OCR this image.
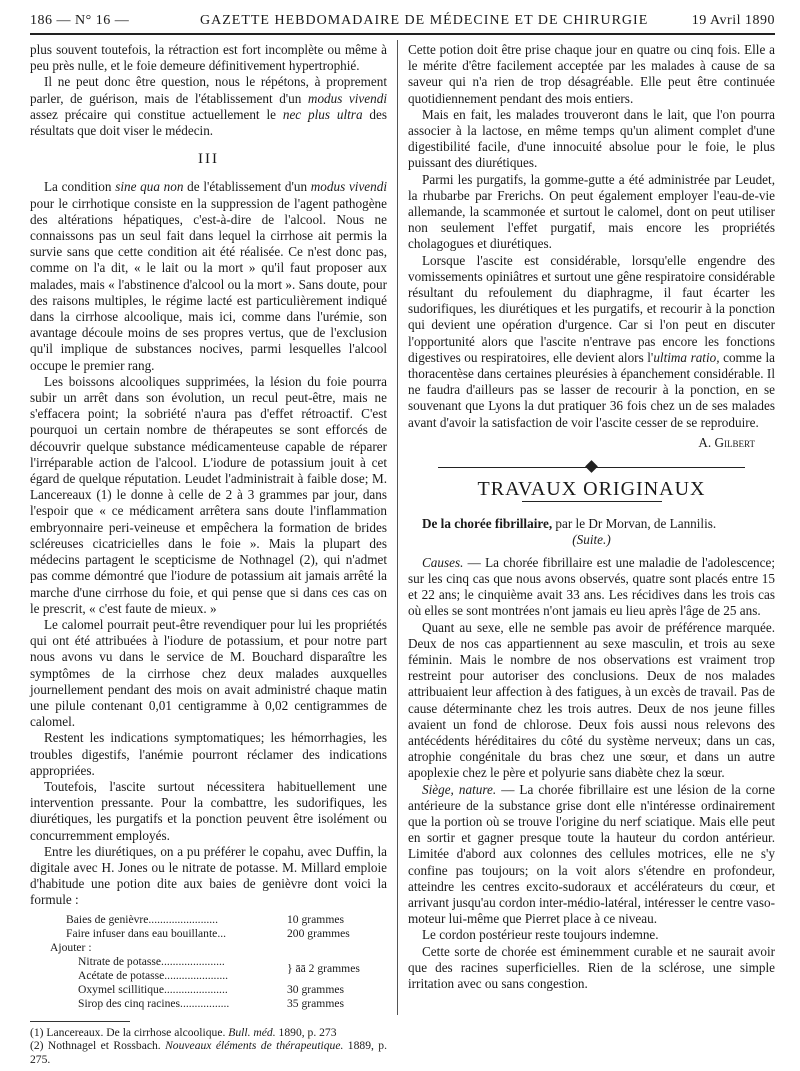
186 — N° 16 —	GAZETTE HEBDOMADAIRE DE MÉDECINE ET DE CHIRURGIE	19 Avril 1890

plus souvent toutefois, la rétraction est fort incomplète ou même à peu près nulle, et le foie demeure définitivement hypertrophié.

Il ne peut donc être question, nous le répétons, à proprement parler, de guérison, mais de l'établissement d'un modus vivendi assez précaire qui constitue actuellement le nec plus ultra des résultats que doit viser le médecin.

III

La condition sine qua non de l'établissement d'un modus vivendi pour le cirrhotique consiste en la suppression de l'agent pathogène des altérations hépatiques, c'est-à-dire de l'alcool. Nous ne connaissons pas un seul fait dans lequel la cirrhose ait permis la survie sans que cette condition ait été réalisée. Ce n'est donc pas, comme on l'a dit, « le lait ou la mort » qu'il faut proposer aux malades, mais « l'abstinence d'alcool ou la mort ». Sans doute, pour des raisons multiples, le régime lacté est particulièrement indiqué dans la cirrhose alcoolique, mais ici, comme dans l'urémie, son avantage découle moins de ses propres vertus, que de l'exclusion qu'il implique de substances nocives, parmi lesquelles l'alcool occupe le premier rang.

Les boissons alcooliques supprimées, la lésion du foie pourra subir un arrêt dans son évolution, un recul peut-être, mais ne s'effacera point; la sobriété n'aura pas d'effet rétroactif. C'est pourquoi un certain nombre de thérapeutes se sont efforcés de découvrir quelque substance médicamenteuse capable de réparer l'irréparable action de l'alcool. L'iodure de potassium jouit à cet égard de quelque réputation. Leudet l'administrait à faible dose; M. Lancereaux (1) le donne à celle de 2 à 3 grammes par jour, dans l'espoir que « ce médicament arrêtera sans doute l'inflammation embryonnaire peri-veineuse et empêchera la formation de brides scléreuses cicatricielles dans le foie ». Mais la plupart des médecins partagent le scepticisme de Nothnagel (2), qui n'admet pas comme démontré que l'iodure de potassium ait jamais arrêté la marche d'une cirrhose du foie, et qui pense que si dans ces cas on le prescrit, « c'est faute de mieux. »

Le calomel pourrait peut-être revendiquer pour lui les propriétés qui ont été attribuées à l'iodure de potassium, et pour notre part nous avons vu dans le service de M. Bouchard disparaître les symptômes de la cirrhose chez deux malades auxquelles journellement pendant des mois on avait administré chaque matin une pilule contenant 0,01 centigramme à 0,02 centigrammes de calomel.

Restent les indications symptomatiques; les hémorrhagies, les troubles digestifs, l'anémie pourront réclamer des indications appropriées.

Toutefois, l'ascite surtout nécessitera habituellement une intervention pressante. Pour la combattre, les sudorifiques, les diurétiques, les purgatifs et la ponction peuvent être isolément ou concurremment employés.

Entre les diurétiques, on a pu préférer le copahu, avec Duffin, la digitale avec H. Jones ou le nitrate de potasse. M. Millard emploie d'habitude une potion dite aux baies de genièvre dont voici la formule :

Baies de genièvre........................	10 grammes
Faire infuser dans eau bouillante...	200 grammes
Ajouter :
Nitrate de potasse......................
Acétate de potasse......................
} āā 2 grammes
Oxymel scillitique......................	30 grammes
Sirop des cinq racines.................	35 grammes

(1) Lancereaux. De la cirrhose alcoolique. Bull. méd. 1890, p. 273

(2) Nothnagel et Rossbach. Nouveaux éléments de thérapeutique. 1889, p. 275.

Cette potion doit être prise chaque jour en quatre ou cinq fois. Elle a le mérite d'être facilement acceptée par les malades à cause de sa saveur qui n'a rien de trop désagréable. Elle peut être continuée quotidiennement pendant des mois entiers.

Mais en fait, les malades trouveront dans le lait, que l'on pourra associer à la lactose, en même temps qu'un aliment complet d'une digestibilité facile, d'une innocuité absolue pour le foie, le plus puissant des diurétiques.

Parmi les purgatifs, la gomme-gutte a été administrée par Leudet, la rhubarbe par Frerichs. On peut également employer l'eau-de-vie allemande, la scammonée et surtout le calomel, dont on peut utiliser non seulement l'effet purgatif, mais encore les propriétés cholagogues et diurétiques.

Lorsque l'ascite est considérable, lorsqu'elle engendre des vomissements opiniâtres et surtout une gêne respiratoire considérable résultant du refoulement du diaphragme, il faut écarter les sudorifiques, les diurétiques et les purgatifs, et recourir à la ponction qui devient une opération d'urgence. Car si l'on peut en discuter l'opportunité alors que l'ascite n'entrave pas encore les fonctions digestives ou respiratoires, elle devient alors l'ultima ratio, comme la thoracentèse dans certaines pleurésies à épanchement considérable. Il ne faudra d'ailleurs pas se lasser de recourir à la ponction, en se souvenant que Lyons la dut pratiquer 36 fois chez un de ses malades avant d'avoir la satisfaction de voir l'ascite cesser de se reproduire.

A. Gilbert
TRAVAUX ORIGINAUX

De la chorée fibrillaire, par le Dr Morvan, de Lannilis.

(Suite.)

Causes. — La chorée fibrillaire est une maladie de l'adolescence; sur les cinq cas que nous avons observés, quatre sont placés entre 15 et 22 ans; le cinquième avait 33 ans. Les récidives dans les trois cas où elles se sont montrées n'ont jamais eu lieu après l'âge de 25 ans.

Quant au sexe, elle ne semble pas avoir de préférence marquée. Deux de nos cas appartiennent au sexe masculin, et trois au sexe féminin. Mais le nombre de nos observations est vraiment trop restreint pour autoriser des conclusions. Deux de nos malades attribuaient leur affection à des fatigues, à un excès de travail. Pas de cause déterminante chez les trois autres. Deux de nos jeune filles avaient un fond de chlorose. Deux fois aussi nous relevons des antécédents héréditaires du côté du système nerveux; dans un cas, atrophie congénitale du bras chez une sœur, et dans un autre apoplexie chez le père et polyurie sans diabète chez la sœur.

Siège, nature. — La chorée fibrillaire est une lésion de la corne antérieure de la substance grise dont elle n'intéresse ordinairement que la portion où se trouve l'origine du nerf sciatique. Mais elle peut en sortir et gagner presque toute la hauteur du cordon antérieur. Limitée d'abord aux colonnes des cellules motrices, elle ne s'y confine pas toujours; on la voit alors s'étendre en profondeur, atteindre les centres excito-sudoraux et accélérateurs du cœur, et arrivant jusqu'au cordon inter-médio-latéral, intéresser le centre vaso-moteur lui-même que Pierret place à ce niveau.

Le cordon postérieur reste toujours indemne.

Cette sorte de chorée est éminemment curable et ne saurait avoir que des racines superficielles. Rien de la sclérose, une simple irritation avec ou sans congestion.
